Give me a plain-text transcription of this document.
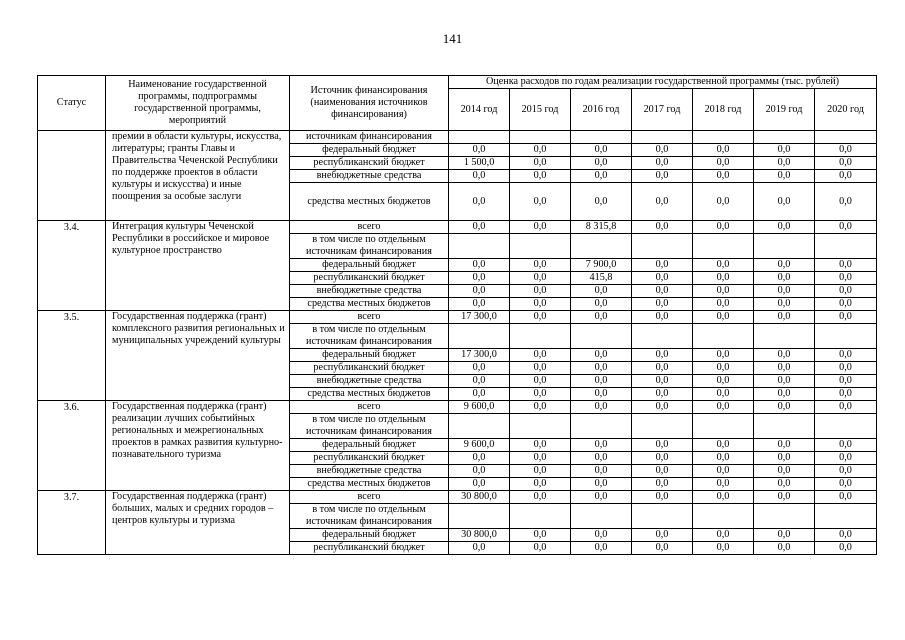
141
Статус	Наименование государственной программы, подпрограммы государственной программы, мероприятий	Источник финансирования (наименования источников финансирования)	Оценка расходов по годам реализации государственной программы (тыс. рублей)						
			2014 год	2015 год	2016 год	2017 год	2018 год	2019 год	2020 год
	премии в области культуры, искусства, литературы; гранты Главы и Правительства Чеченской Республики по поддержке проектов в области культуры и искусства) и иные поощрения за особые заслуги	источникам финансирования							
		федеральный бюджет	0,0	0,0	0,0	0,0	0,0	0,0	0,0
		республиканский бюджет	1 500,0	0,0	0,0	0,0	0,0	0,0	0,0
		внебюджетные средства	0,0	0,0	0,0	0,0	0,0	0,0	0,0
		средства местных бюджетов	0,0	0,0	0,0	0,0	0,0	0,0	0,0
3.4.	Интеграция культуры Чеченской Республики в российское и мировое культурное пространство	всего	0,0	0,0	8 315,8	0,0	0,0	0,0	0,0
		в том числе по отдельным источникам финансирования							
		федеральный бюджет	0,0	0,0	7 900,0	0,0	0,0	0,0	0,0
		республиканский бюджет	0,0	0,0	415,8	0,0	0,0	0,0	0,0
		внебюджетные средства	0,0	0,0	0,0	0,0	0,0	0,0	0,0
		средства местных бюджетов	0,0	0,0	0,0	0,0	0,0	0,0	0,0
3.5.	Государственная поддержка (грант) комплексного развития региональных и муниципальных учреждений культуры	всего	17 300,0	0,0	0,0	0,0	0,0	0,0	0,0
		в том числе по отдельным источникам финансирования							
		федеральный бюджет	17 300,0	0,0	0,0	0,0	0,0	0,0	0,0
		республиканский бюджет	0,0	0,0	0,0	0,0	0,0	0,0	0,0
		внебюджетные средства	0,0	0,0	0,0	0,0	0,0	0,0	0,0
		средства местных бюджетов	0,0	0,0	0,0	0,0	0,0	0,0	0,0
3.6.	Государственная поддержка (грант) реализации лучших событийных региональных и межрегиональных проектов в рамках развития культурно-познавательного туризма	всего	9 600,0	0,0	0,0	0,0	0,0	0,0	0,0
		в том числе по отдельным источникам финансирования							
		федеральный бюджет	9 600,0	0,0	0,0	0,0	0,0	0,0	0,0
		республиканский бюджет	0,0	0,0	0,0	0,0	0,0	0,0	0,0
		внебюджетные средства	0,0	0,0	0,0	0,0	0,0	0,0	0,0
		средства местных бюджетов	0,0	0,0	0,0	0,0	0,0	0,0	0,0
3.7.	Государственная поддержка (грант) больших, малых и средних городов – центров культуры и туризма	всего	30 800,0	0,0	0,0	0,0	0,0	0,0	0,0
		в том числе по отдельным источникам финансирования							
		федеральный бюджет	30 800,0	0,0	0,0	0,0	0,0	0,0	0,0
		республиканский бюджет	0,0	0,0	0,0	0,0	0,0	0,0	0,0
